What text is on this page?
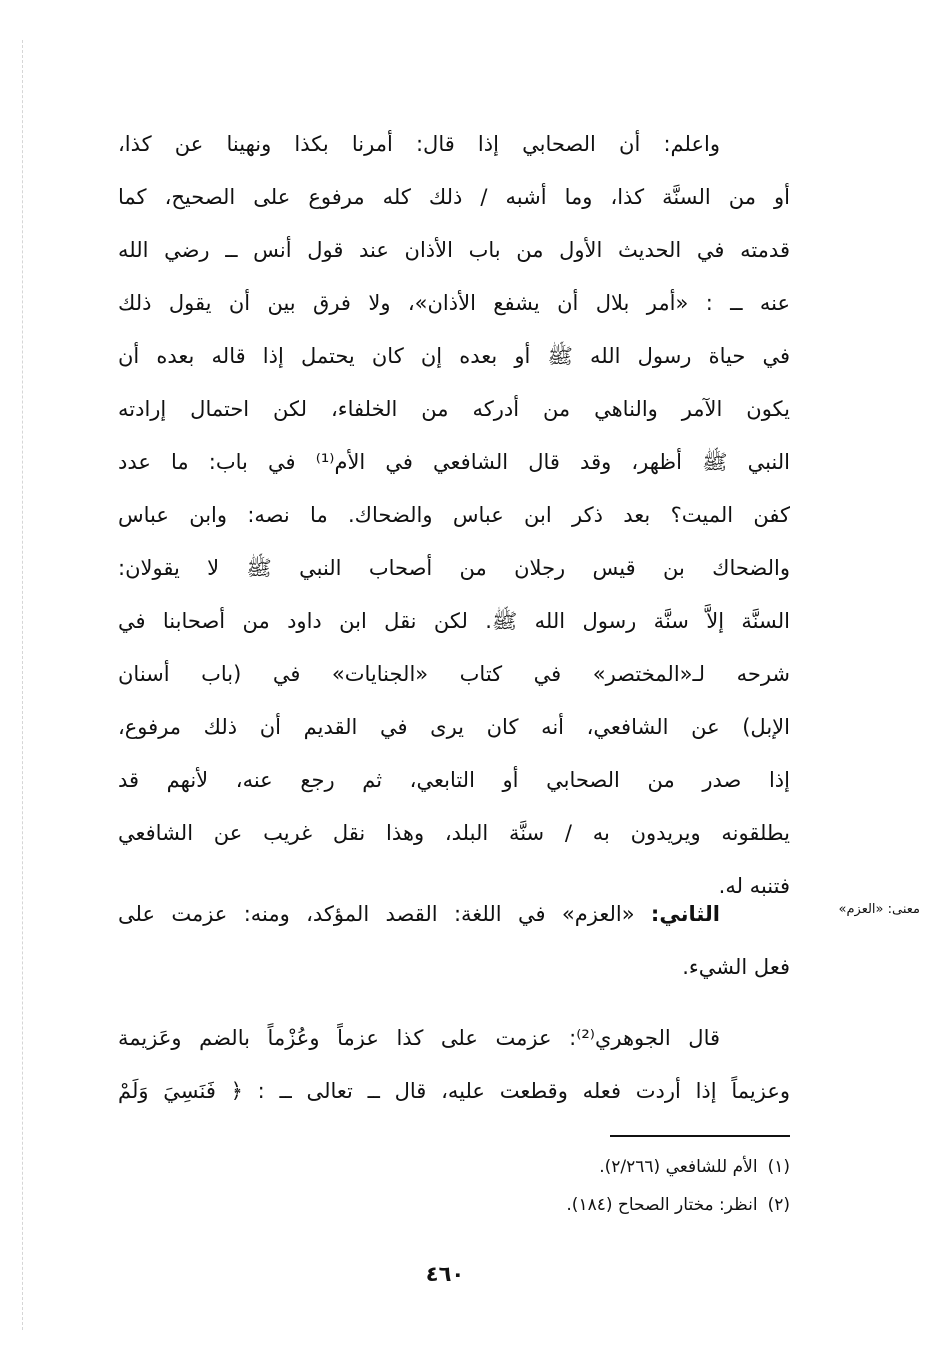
واعلم: أن الصحابي إذا قال: أمرنا بكذا ونهينا عن كذا،
أو من السنَّة كذا، وما أشبه / ذلك كله مرفوع على الصحيح، كما
قدمته في الحديث الأول من باب الأذان عند قول أنس ــ رضي الله
عنه ــ : «أمر بلال أن يشفع الأذان»، ولا فرق بين أن يقول ذلك
في حياة رسول الله ﷺ أو بعده إن كان يحتمل إذا قاله بعده أن
يكون الآمر والناهي من أدركه من الخلفاء، لكن احتمال إرادته
النبي ﷺ أظهر، وقد قال الشافعي في الأم⁽¹⁾ في باب: ما عدد
كفن الميت؟ بعد ذكر ابن عباس والضحاك. ما نصه: وابن عباس
والضحاك بن قيس رجلان من أصحاب النبي ﷺ لا يقولان:
السنَّة إلاَّ سنَّة رسول الله ﷺ. لكن نقل ابن داود من أصحابنا في
شرحه لـ«المختصر» في كتاب «الجنايات» في (باب أسنان
الإبل) عن الشافعي، أنه كان يرى في القديم أن ذلك مرفوع،
إذا صدر من الصحابي أو التابعي، ثم رجع عنه، لأنهم قد
يطلقونه ويريدون به / سنَّة البلد، وهذا نقل غريب عن الشافعي
فتنبه له.
معنى: «العزم»
الثاني: «العزم» في اللغة: القصد المؤكد، ومنه: عزمت على
فعل الشيء.
قال الجوهري⁽²⁾: عزمت على كذا عزماً وعُزْماً بالضم وعَزيمة
وعزيماً إذا أردت فعله وقطعت عليه، قال ــ تعالى ــ : ﴿ فَنَسِيَ وَلَمْ
(١)الأم للشافعي (٢/٢٦٦).
(٢)انظر: مختار الصحاح (١٨٤).
٤٦٠
